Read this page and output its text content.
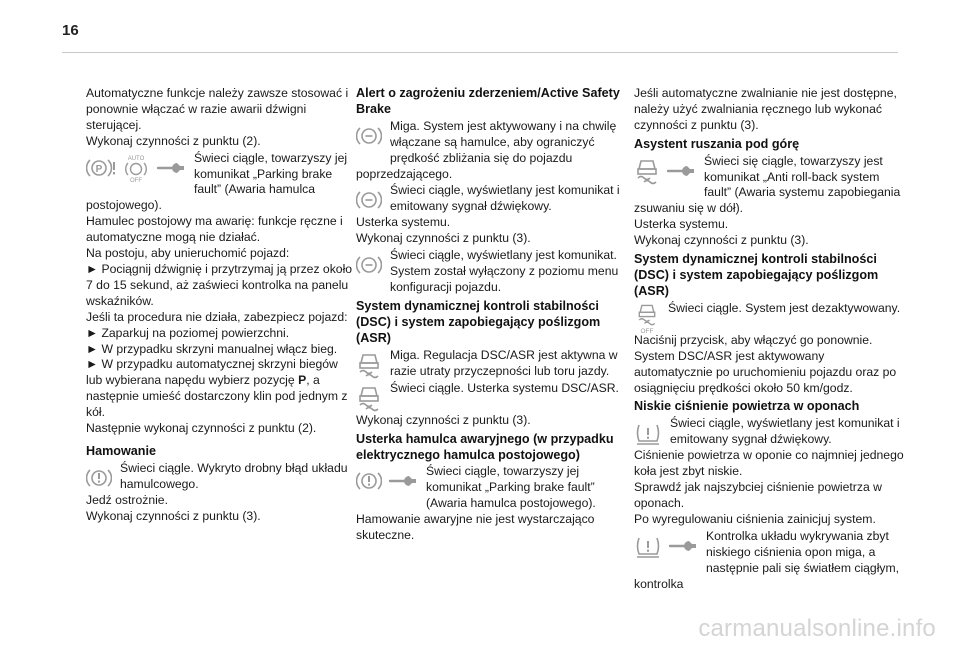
16

Automatyczne funkcje należy zawsze stosować i ponownie włączać w razie awarii dźwigni sterującej.

Wykonaj czynności z punktu (2).

AUTO
OFF
Świeci ciągle, towarzyszy jej komunikat „Parking brake fault” (Awaria hamulca postojowego).

Hamulec postojowy ma awarię: funkcje ręczne i automatyczne mogą nie działać.

Na postoju, aby unieruchomić pojazd:

► Pociągnij dźwignię i przytrzymaj ją przez około 7 do 15 sekund, aż zaświeci kontrolka na panelu wskaźników.

Jeśli ta procedura nie działa, zabezpiecz pojazd:

► Zaparkuj na poziomej powierzchni.

► W przypadku skrzyni manualnej włącz bieg.

► W przypadku automatycznej skrzyni biegów lub wybierana napędu wybierz pozycję P, a następnie umieść dostarczony klin pod jednym z kół.

Następnie wykonaj czynności z punktu (2).

Hamowanie
Świeci ciągle. Wykryto drobny błąd układu hamulcowego.

Jedź ostrożnie.

Wykonaj czynności z punktu (3).

Alert o zagrożeniu zderzeniem/Active Safety Brake
Miga. System jest aktywowany i na chwilę włączane są hamulce, aby ograniczyć prędkość zbliżania się do pojazdu poprzedzającego.
Świeci ciągle, wyświetlany jest komunikat i emitowany sygnał dźwiękowy.

Usterka systemu.

Wykonaj czynności z punktu (3).

Świeci ciągle, wyświetlany jest komunikat. System został wyłączony z poziomu menu konfiguracji pojazdu.
System dynamicznej kontroli stabilności (DSC) i system zapobiegający poślizgom (ASR)
Miga. Regulacja DSC/ASR jest aktywna w razie utraty przyczepności lub toru jazdy.
Świeci ciągle. Usterka systemu DSC/ASR.

Wykonaj czynności z punktu (3).

Usterka hamulca awaryjnego (w przypadku elektrycznego hamulca postojowego)
Świeci ciągle, towarzyszy jej komunikat „Parking brake fault” (Awaria hamulca postojowego).

Hamowanie awaryjne nie jest wystarczająco skuteczne.

Jeśli automatyczne zwalnianie nie jest dostępne, należy użyć zwalniania ręcznego lub wykonać czynności z punktu (3).

Asystent ruszania pod górę
Świeci się ciągle, towarzyszy jest komunikat „Anti roll-back system fault” (Awaria systemu zapobiegania zsuwaniu się w dół).

Usterka systemu.

Wykonaj czynności z punktu (3).

System dynamicznej kontroli stabilności (DSC) i system zapobiegający poślizgom (ASR)
OFF
Świeci ciągle. System jest dezaktywowany.

Naciśnij przycisk, aby włączyć go ponownie.

System DSC/ASR jest aktywowany automatycznie po uruchomieniu pojazdu oraz po osiągnięciu prędkości około 50 km/godz.

Niskie ciśnienie powietrza w oponach
Świeci ciągle, wyświetlany jest komunikat i emitowany sygnał dźwiękowy.

Ciśnienie powietrza w oponie co najmniej jednego koła jest zbyt niskie.

Sprawdź jak najszybciej ciśnienie powietrza w oponach.

Po wyregulowaniu ciśnienia zainicjuj system.

Kontrolka układu wykrywania zbyt niskiego ciśnienia opon miga, a następnie pali się światłem ciągłym, kontrolka
carmanualsonline.info
